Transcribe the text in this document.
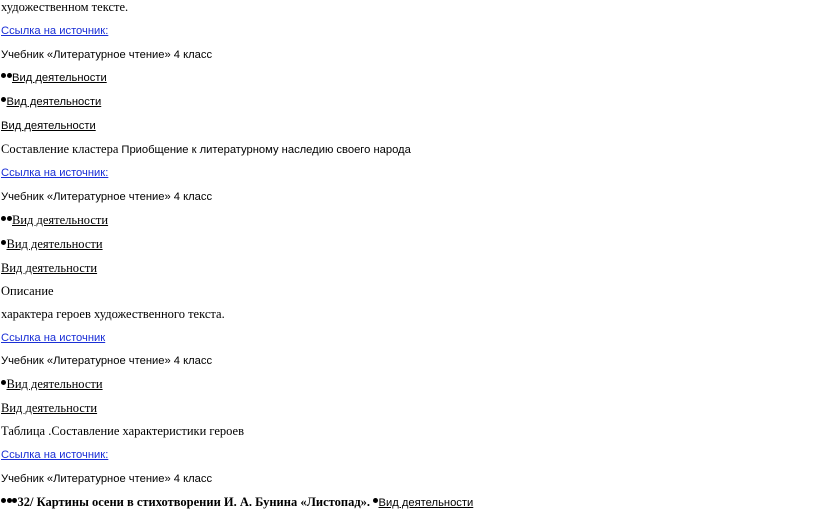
художественном тексте.
Ссылка на источник:
Учебник «Литературное чтение» 4 класс
Вид деятельности
Вид деятельности
Вид деятельности
Составление кластера Приобщение к литературному наследию своего народа
Ссылка на источник:
Учебник «Литературное чтение» 4 класс
Вид деятельности
Вид деятельности
Вид деятельности
Описание
характера героев художественного текста.
Ссылка на источник
Учебник «Литературное чтение» 4 класс
Вид деятельности
Вид деятельности
Таблица .Составление характеристики героев
Ссылка на источник:
Учебник «Литературное чтение» 4 класс
32/ Картины осени в стихотворении И. А. Бунина «Листопад». Вид деятельности
